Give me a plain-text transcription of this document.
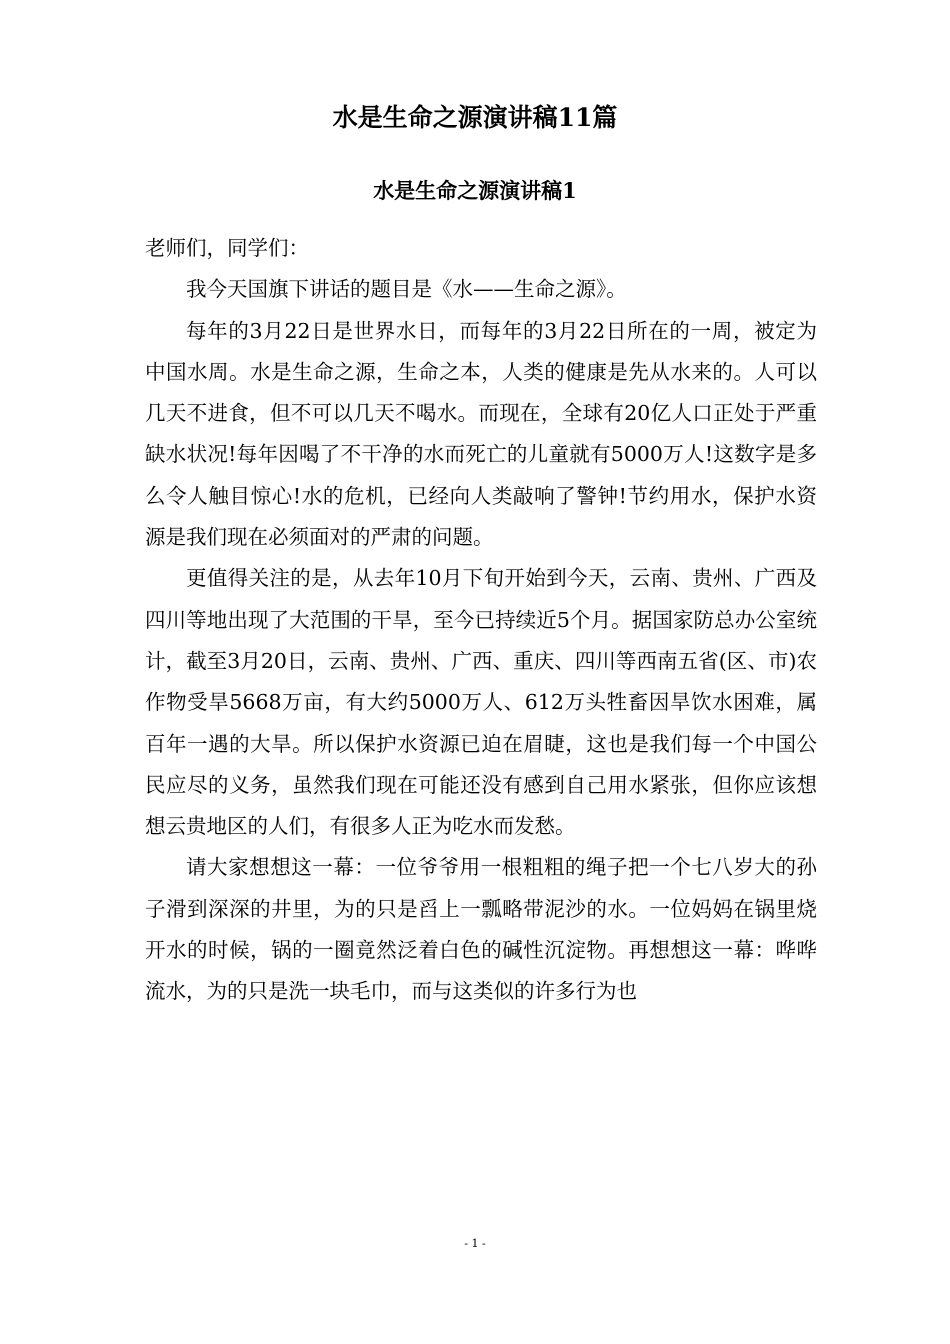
水是生命之源演讲稿11篇
水是生命之源演讲稿1

老师们，同学们：

我今天国旗下讲话的题目是《水——生命之源》。

每年的3月22日是世界水日，而每年的3月22日所在的一周，被定为中国水周。水是生命之源，生命之本，人类的健康是先从水来的。人可以几天不进食，但不可以几天不喝水。而现在，全球有20亿人口正处于严重缺水状况!每年因喝了不干净的水而死亡的儿童就有5000万人!这数字是多么令人触目惊心!水的危机，已经向人类敲响了警钟!节约用水，保护水资源是我们现在必须面对的严肃的问题。

更值得关注的是，从去年10月下旬开始到今天，云南、贵州、广西及四川等地出现了大范围的干旱，至今已持续近5个月。据国家防总办公室统计，截至3月20日，云南、贵州、广西、重庆、四川等西南五省(区、市)农作物受旱5668万亩，有大约5000万人、612万头牲畜因旱饮水困难，属百年一遇的大旱。所以保护水资源已迫在眉睫，这也是我们每一个中国公民应尽的义务，虽然我们现在可能还没有感到自己用水紧张，但你应该想想云贵地区的人们，有很多人正为吃水而发愁。

请大家想想这一幕：一位爷爷用一根粗粗的绳子把一个七八岁大的孙子滑到深深的井里，为的只是舀上一瓢略带泥沙的水。一位妈妈在锅里烧开水的时候，锅的一圈竟然泛着白色的碱性沉淀物。再想想这一幕：哗哗流水，为的只是洗一块毛巾，而与这类似的许多行为也

- 1 -
